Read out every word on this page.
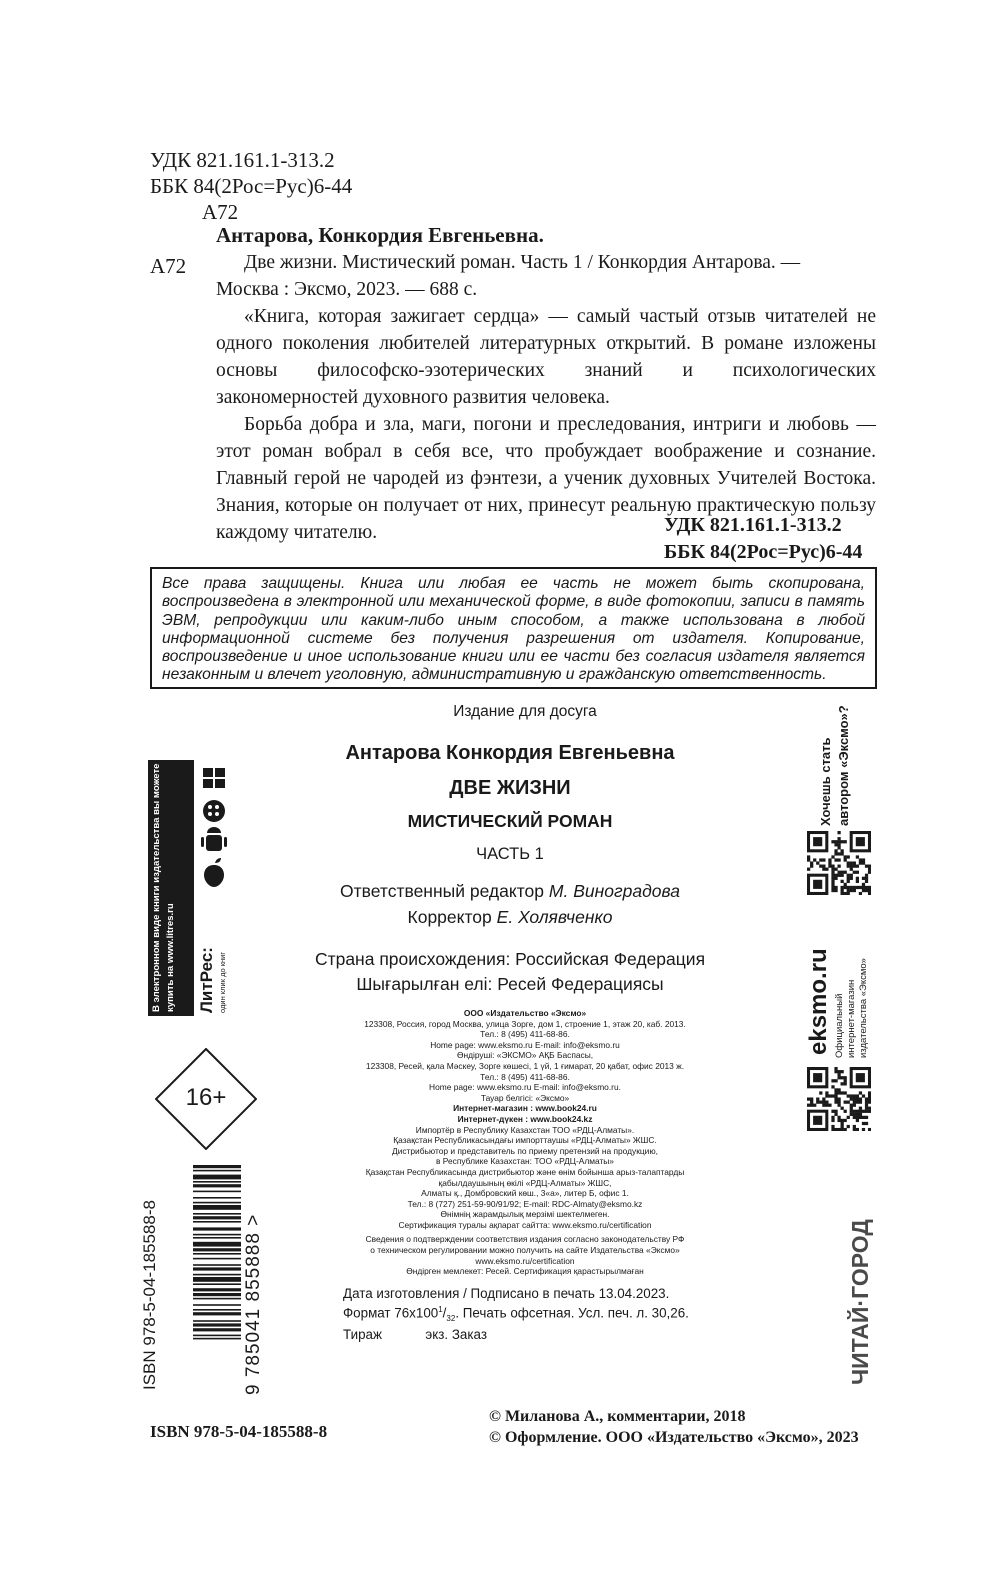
УДК 821.161.1-313.2
ББК 84(2Рос=Рус)6-44
А72
А72

Антарова, Конкордия Евгеньевна.

Две жизни. Мистический роман. Часть 1 / Конкордия Антарова. —

Москва : Эксмо, 2023. — 688 с.

«Книга, которая зажигает сердца» — самый частый отзыв читателей не одного поколения любителей литературных открытий. В романе изложены основы философско-эзотерических знаний и психологических закономерностей духовного развития человека.

Борьба добра и зла, маги, погони и преследования, интриги и любовь — этот роман вобрал в себя все, что пробуждает воображение и сознание. Главный герой не чародей из фэнтези, а ученик духовных Учителей Востока. Знания, которые он получает от них, принесут реальную практическую пользу каждому читателю.	УДК 821.161.1-313.2
ББК 84(2Рос=Рус)6-44
Все права защищены. Книга или любая ее часть не может быть скопирована, воспроизведена в электронной или механической форме, в виде фотокопии, записи в память ЭВМ, репродукции или каким-либо иным способом, а также использована в любой информационной системе без получения разрешения от издателя. Копирование, воспроизведение и иное использование книги или ее части без согласия издателя является незаконным и влечет уголовную, административную и гражданскую ответственность.
Издание для досуга
Антарова Конкордия Евгеньевна
ДВЕ ЖИЗНИ
МИСТИЧЕСКИЙ РОМАН
ЧАСТЬ 1
Ответственный редактор М. Виноградова
Корректор Е. Холявченко
Страна происхождения: Российская Федерация
Шығарылған елі: Ресей Федерациясы
ООО «Издательство «Эксмо»
123308, Россия, город Москва, улица Зорге, дом 1, строение 1, этаж 20, каб. 2013.
Тел.: 8 (495) 411-68-86.
Home page: www.eksmo.ru E-mail: info@eksmo.ru
Өндіруші: «ЭКСМО» АҚБ Баспасы,
123308, Ресей, қала Мәскеу, Зорге көшесі, 1 үй, 1 ғимарат, 20 қабат, офис 2013 ж.
Тел.: 8 (495) 411-68-86.
Home page: www.eksmo.ru E-mail: info@eksmo.ru.
Тауар белгісі: «Эксмо»
Интернет-магазин : www.book24.ru
Интернет-дүкен : www.book24.kz
Импортёр в Республику Казахстан ТОО «РДЦ-Алматы».
Қазақстан Республикасындағы импорттаушы «РДЦ-Алматы» ЖШС.
Дистрибьютор и представитель по приему претензий на продукцию,
в Республике Казахстан: ТОО «РДЦ-Алматы»
Қазақстан Республикасында дистрибьютор және өнім бойынша арыз-талаптарды
қабылдаушының өкілі «РДЦ-Алматы» ЖШС,
Алматы қ., Домбровский көш., 3«а», литер Б, офис 1.
Тел.: 8 (727) 251-59-90/91/92; E-mail: RDC-Almaty@eksmo.kz
Өнімнің жарамдылық мерзімі шектелмеген.
Сертификация туралы ақпарат сайтта: www.eksmo.ru/certification
Сведения о подтверждении соответствия издания согласно законодательству РФ
о техническом регулировании можно получить на сайте Издательства «Эксмо»
www.eksmo.ru/certification
Өндірген мемлекет: Ресей. Сертификация қарастырылмаған
Дата изготовления / Подписано в печать 13.04.2023.
Формат $76x100^1/_{32}$. Печать офсетная. Усл. печ. л. 30,26.
Тираж	экз. Заказ
© Миланова А., комментарии, 2018
© Оформление. ООО «Издательство «Эксмо», 2023
ISBN 978-5-04-185588-8
В электронном виде книги издательства вы можете купить на www.litres.ru ЛитРес: один клик до книг
16+
ISBN 978-5-04-185588-8	9 785041 855888 >
Хочешь стать автором «Эксмо»?
eksmo.ru Официальный интернет-магазин издательства «Эксмо»
ЧИТАЙ·ГОРОД
